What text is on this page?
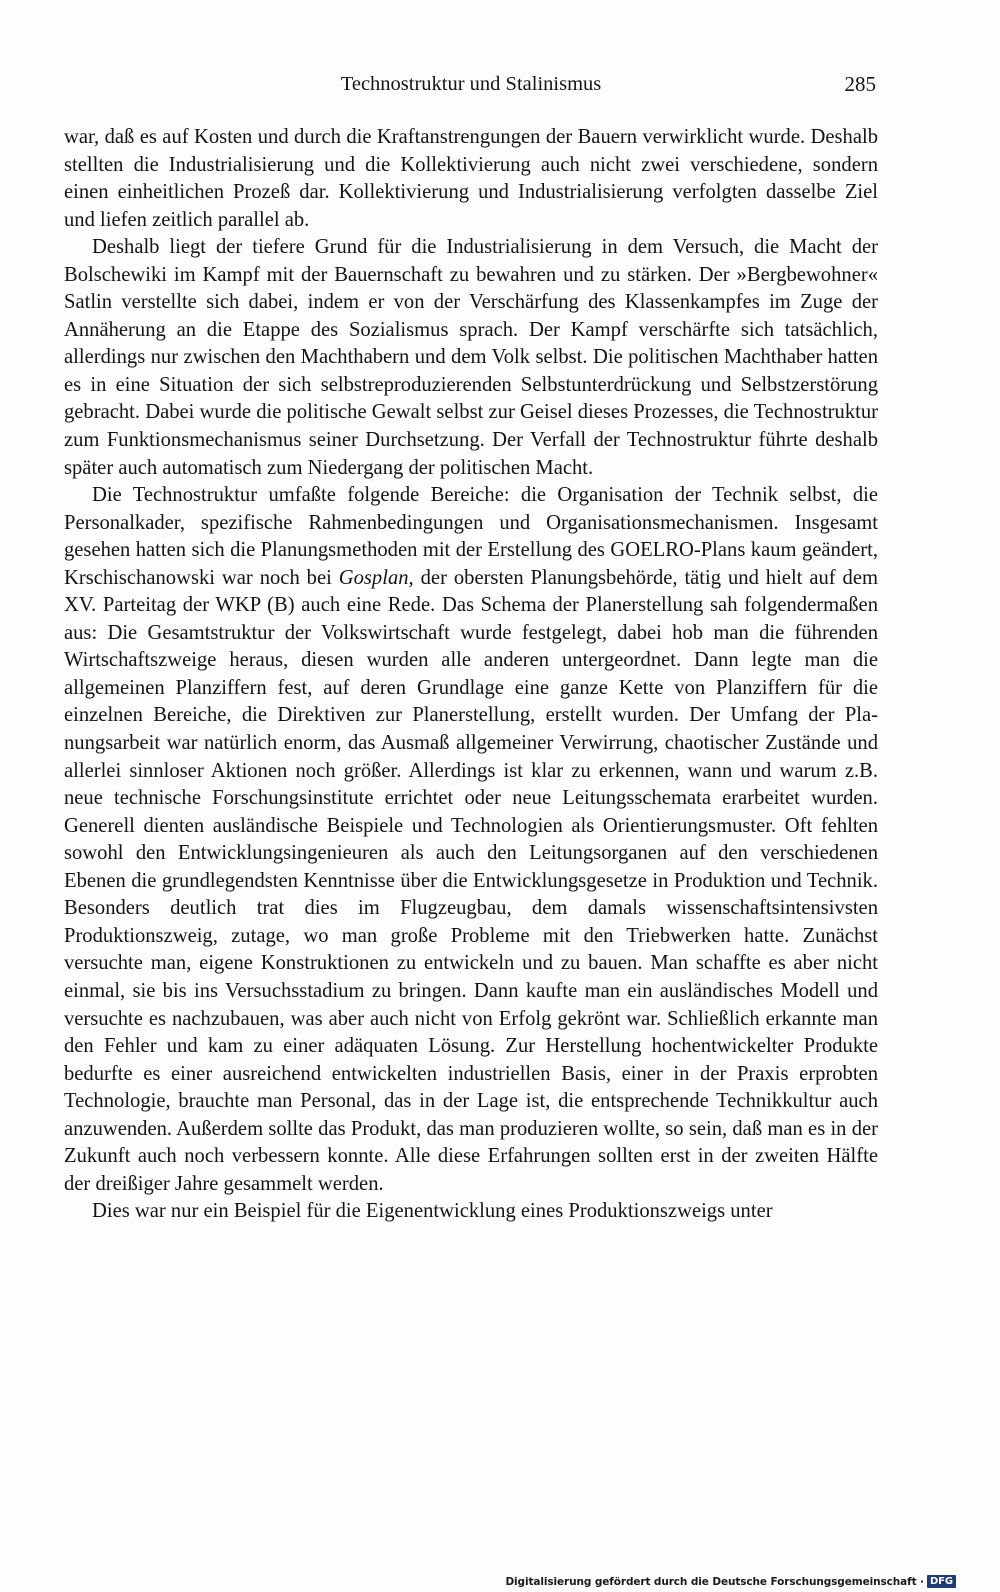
Technostruktur und Stalinismus	285

war, daß es auf Kosten und durch die Kraftanstrengungen der Bauern verwirklicht wurde. Deshalb stellten die Industrialisierung und die Kollektivierung auch nicht zwei verschiedene, sondern einen einheitlichen Prozeß dar. Kollektivierung und Industrialisierung verfolgten dasselbe Ziel und liefen zeitlich parallel ab.

Deshalb liegt der tiefere Grund für die Industrialisierung in dem Versuch, die Macht der Bolschewiki im Kampf mit der Bauernschaft zu bewahren und zu stärken. Der »Bergbewohner« Satlin verstellte sich dabei, indem er von der Verschärfung des Klassenkampfes im Zuge der Annäherung an die Etappe des Sozialismus sprach. Der Kampf verschärfte sich tatsächlich, allerdings nur zwischen den Machthabern und dem Volk selbst. Die politischen Machthaber hatten es in eine Situation der sich selbstreproduzierenden Selbstunterdrückung und Selbstzerstörung gebracht. Dabei wurde die politische Gewalt selbst zur Geisel dieses Prozesses, die Technostruktur zum Funktionsmechanismus seiner Durchsetzung. Der Verfall der Technostruktur führte deshalb später auch automatisch zum Niedergang der politischen Macht.

Die Technostruktur umfaßte folgende Bereiche: die Organisation der Technik selbst, die Personalkader, spezifische Rahmenbedingungen und Organisationsmechanismen. Insgesamt gesehen hatten sich die Planungsmethoden mit der Erstellung des GOELRO-Plans kaum geändert, Krschischanowski war noch bei Gosplan, der obersten Planungsbehörde, tätig und hielt auf dem XV. Parteitag der WKP (B) auch eine Rede. Das Schema der Planerstellung sah folgendermaßen aus: Die Gesamtstruktur der Volkswirtschaft wurde festgelegt, dabei hob man die führenden Wirtschaftszweige heraus, diesen wurden alle anderen untergeordnet. Dann legte man die allgemeinen Planziffern fest, auf deren Grundlage eine ganze Kette von Planziffern für die einzelnen Bereiche, die Direktiven zur Planerstellung, erstellt wurden. Der Umfang der Planungsarbeit war natürlich enorm, das Ausmaß allgemeiner Verwirrung, chaotischer Zustände und allerlei sinnloser Aktionen noch größer. Allerdings ist klar zu erkennen, wann und warum z.B. neue technische Forschungsinstitute errichtet oder neue Leitungsschemata erarbeitet wurden. Generell dienten ausländische Beispiele und Technologien als Orientierungsmuster. Oft fehlten sowohl den Entwicklungsingenieuren als auch den Leitungsorganen auf den verschiedenen Ebenen die grundlegendsten Kenntnisse über die Entwicklungsgesetze in Produktion und Technik. Besonders deutlich trat dies im Flugzeugbau, dem damals wissenschaftsintensivsten Produktionszweig, zutage, wo man große Probleme mit den Triebwerken hatte. Zunächst versuchte man, eigene Konstruktionen zu entwickeln und zu bauen. Man schaffte es aber nicht einmal, sie bis ins Versuchsstadium zu bringen. Dann kaufte man ein ausländisches Modell und versuchte es nachzubauen, was aber auch nicht von Erfolg gekrönt war. Schließlich erkannte man den Fehler und kam zu einer adäquaten Lösung. Zur Herstellung hochentwickelter Produkte bedurfte es einer ausreichend entwickelten industriellen Basis, einer in der Praxis erprobten Technologie, brauchte man Personal, das in der Lage ist, die entsprechende Technikkultur auch anzuwenden. Außerdem sollte das Produkt, das man produzieren wollte, so sein, daß man es in der Zukunft auch noch verbessern konnte. Alle diese Erfahrungen sollten erst in der zweiten Hälfte der dreißiger Jahre gesammelt werden.

Dies war nur ein Beispiel für die Eigenentwicklung eines Produktionszweigs unter

Digitalisierung gefördert durch die Deutsche Forschungsgemeinschaft · DFG
